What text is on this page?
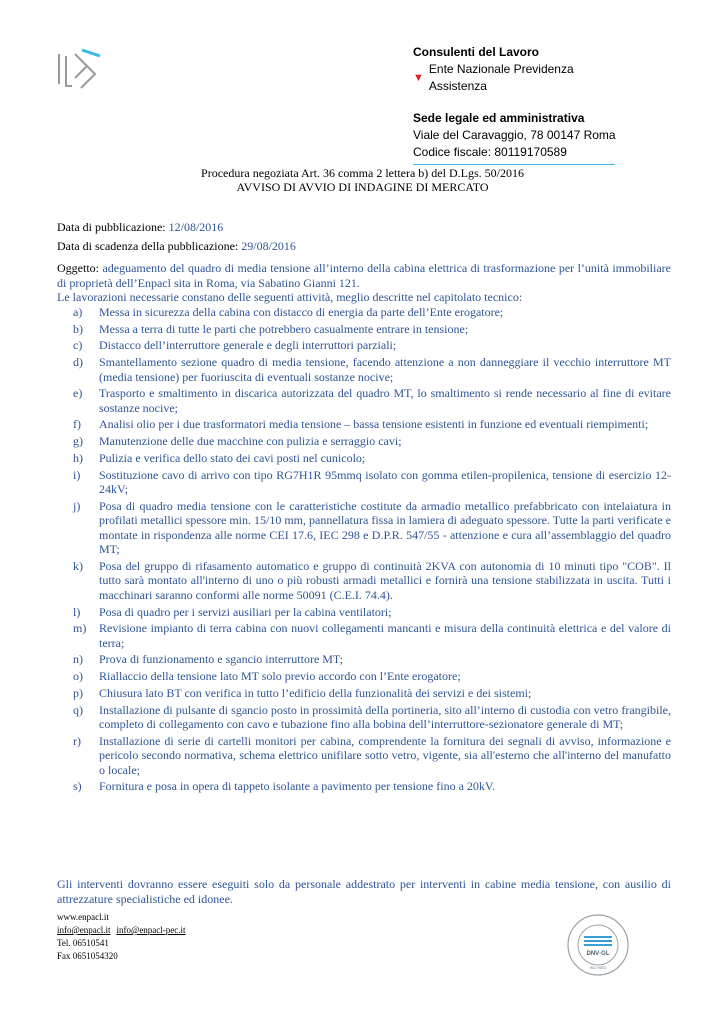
Consulenti del Lavoro
▼
Ente Nazionale Previdenza Assistenza
Sede legale ed amministrativa
Viale del Caravaggio, 78 00147 Roma
Codice fiscale: 80119170589
Procedura negoziata Art. 36 comma 2 lettera b) del D.Lgs. 50/2016
AVVISO DI AVVIO DI INDAGINE DI MERCATO
Data di pubblicazione: 12/08/2016
Data di scadenza della pubblicazione: 29/08/2016
Oggetto: adeguamento del quadro di media tensione all’interno della cabina elettrica di trasformazione per l’unità immobiliare di proprietà dell’Enpacl sita in Roma, via Sabatino Gianni 121.
Le lavorazioni necessarie constano delle seguenti attività, meglio descritte nel capitolato tecnico:
a)	Messa in sicurezza della cabina con distacco di energia da parte dell’Ente erogatore;
b)	Messa a terra di tutte le parti che potrebbero casualmente entrare in tensione;
c)	Distacco dell’interruttore generale e degli interruttori parziali;
d)	Smantellamento sezione quadro di media tensione, facendo attenzione a non danneggiare il vecchio interruttore MT (media tensione) per fuoriuscita di eventuali sostanze nocive;
e)	Trasporto e smaltimento in discarica autorizzata del quadro MT, lo smaltimento si rende necessario al fine di evitare sostanze nocive;
f)	Analisi olio per i due trasformatori media tensione – bassa tensione esistenti in funzione ed eventuali riempimenti;
g)	Manutenzione delle due macchine con pulizia e serraggio cavi;
h)	Pulizia e verifica dello stato dei cavi posti nel cunicolo;
i)	Sostituzione cavo di arrivo con tipo RG7H1R 95mmq isolato con gomma etilen-propilenica, tensione di esercizio 12-24kV;
j)	Posa di quadro media tensione con le caratteristiche costitute da armadio metallico prefabbricato con intelaiatura in profilati metallici spessore min. 15/10 mm, pannellatura fissa in lamiera di adeguato spessore. Tutte la parti verificate e montate in rispondenza alle norme CEI 17.6, IEC 298 e D.P.R. 547/55 - attenzione e cura all’assemblaggio del quadro MT;
k)	Posa del gruppo di rifasamento automatico e gruppo di continuità 2KVA con autonomia di 10 minuti tipo "COB". Il tutto sarà montato all'interno di uno o più robusti armadi metallici e fornirà una tensione stabilizzata in uscita. Tutti i macchinari saranno conformi alle norme 50091 (C.E.I. 74.4).
l)	Posa di quadro per i servizi ausiliari per la cabina ventilatori;
m)	Revisione impianto di terra cabina con nuovi collegamenti mancanti e misura della continuità elettrica e del valore di terra;
n)	Prova di funzionamento e sgancio interruttore MT;
o)	Riallaccio della tensione lato MT solo previo accordo con l’Ente erogatore;
p)	Chiusura lato BT con verifica in tutto l’edificio della funzionalità dei servizi e dei sistemi;
q)	Installazione di pulsante di sgancio posto in prossimità della portineria, sito all’interno di custodia con vetro frangibile, completo di collegamento con cavo e tubazione fino alla bobina dell’interruttore-sezionatore generale di MT;
r)	Installazione di serie di cartelli monitori per cabina, comprendente la fornitura dei segnali di avviso, informazione e pericolo secondo normativa, schema elettrico unifilare sotto vetro, vigente, sia all'esterno che all'interno del manufatto o locale;
s)	Fornitura e posa in opera di tappeto isolante a pavimento per tensione fino a 20kV.
Gli interventi dovranno essere eseguiti solo da personale addestrato per interventi in cabine media tensione, con ausilio di attrezzature specialistiche ed idonee.
www.enpacl.it
info@enpacl.it info@enpacl-pec.it
Tel. 06510541
Fax 0651054320	DNV·GL
ISO 9001
